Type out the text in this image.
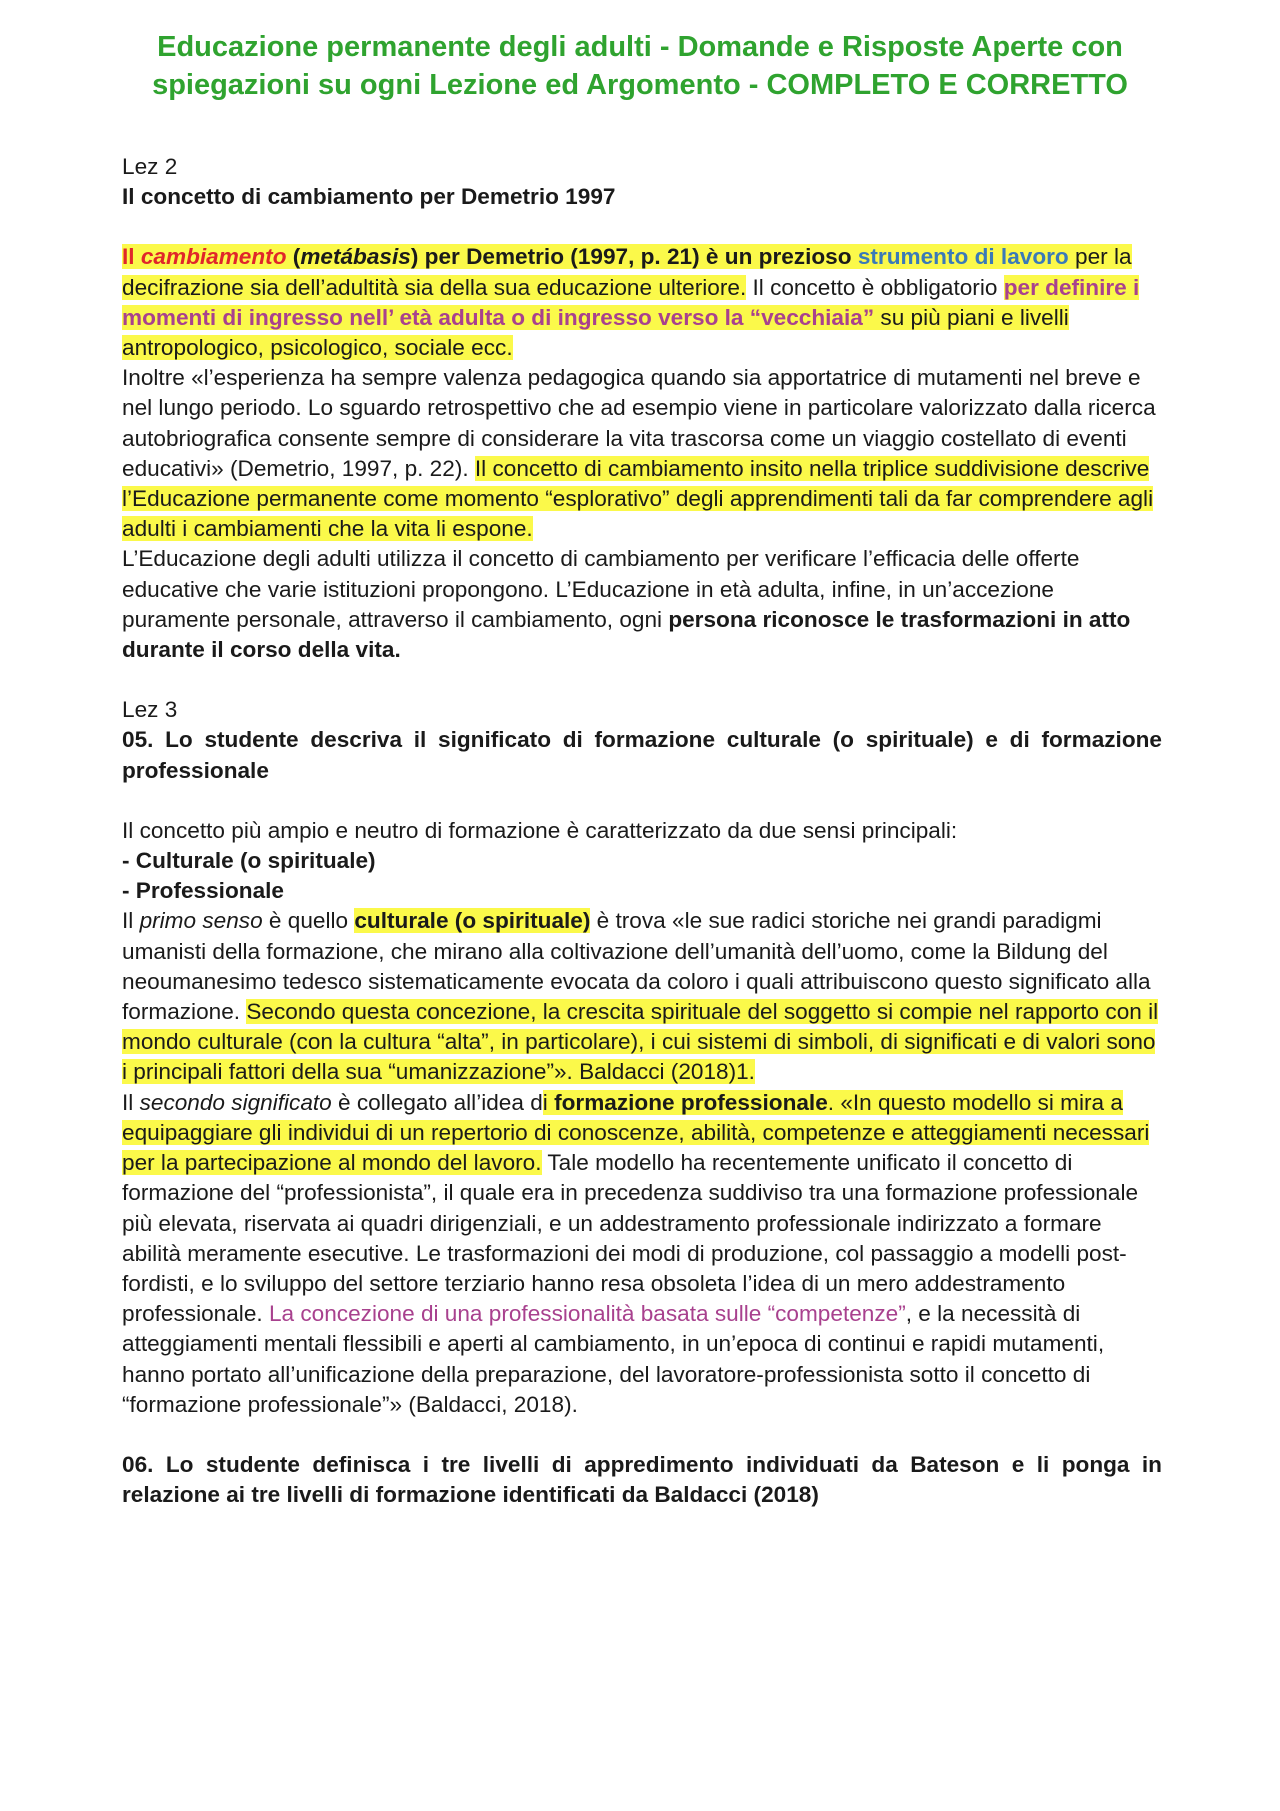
Educazione permanente degli adulti - Domande e Risposte Aperte con
spiegazioni su ogni Lezione ed Argomento - COMPLETO E CORRETTO

Lez 2

Il concetto di cambiamento per Demetrio 1997

Il cambiamento (metábasis) per Demetrio (1997, p. 21) è un prezioso strumento di lavoro per la decifrazione sia dell’adultità sia della sua educazione ulteriore. Il concetto è obbligatorio per definire i momenti di ingresso nell’ età adulta o di ingresso verso la “vecchiaia” su più piani e livelli antropologico, psicologico, sociale ecc.

Inoltre «l’esperienza ha sempre valenza pedagogica quando sia apportatrice di mutamenti nel breve e nel lungo periodo. Lo sguardo retrospettivo che ad esempio viene in particolare valorizzato dalla ricerca autobriografica consente sempre di considerare la vita trascorsa come un viaggio costellato di eventi educativi» (Demetrio, 1997, p. 22). Il concetto di cambiamento insito nella triplice suddivisione descrive l’Educazione permanente come momento “esplorativo” degli apprendimenti tali da far comprendere agli adulti i cambiamenti che la vita li espone.

L’Educazione degli adulti utilizza il concetto di cambiamento per verificare l’efficacia delle offerte educative che varie istituzioni propongono. L’Educazione in età adulta, infine, in un’accezione puramente personale, attraverso il cambiamento, ogni persona riconosce le trasformazioni in atto durante il corso della vita.

Lez 3

05. Lo studente descriva il significato di formazione culturale (o spirituale) e di formazione professionale

Il concetto più ampio e neutro di formazione è caratterizzato da due sensi principali:

- Culturale (o spirituale)

- Professionale

Il primo senso è quello culturale (o spirituale) è trova «le sue radici storiche nei grandi paradigmi umanisti della formazione, che mirano alla coltivazione dell’umanità dell’uomo, come la Bildung del neoumanesimo tedesco sistematicamente evocata da coloro i quali attribuiscono questo significato alla formazione. Secondo questa concezione, la crescita spirituale del soggetto si compie nel rapporto con il mondo culturale (con la cultura “alta”, in particolare), i cui sistemi di simboli, di significati e di valori sono i principali fattori della sua “umanizzazione”». Baldacci (2018)1.

Il secondo significato è collegato all’idea di formazione professionale. «In questo modello si mira a equipaggiare gli individui di un repertorio di conoscenze, abilità, competenze e atteggiamenti necessari per la partecipazione al mondo del lavoro. Tale modello ha recentemente unificato il concetto di formazione del “professionista”, il quale era in precedenza suddiviso tra una formazione professionale più elevata, riservata ai quadri dirigenziali, e un addestramento professionale indirizzato a formare abilità meramente esecutive. Le trasformazioni dei modi di produzione, col passaggio a modelli post-fordisti, e lo sviluppo del settore terziario hanno resa obsoleta l’idea di un mero addestramento professionale. La concezione di una professionalità basata sulle “competenze”, e la necessità di atteggiamenti mentali flessibili e aperti al cambiamento, in un’epoca di continui e rapidi mutamenti, hanno portato all’unificazione della preparazione, del lavoratore-professionista sotto il concetto di “formazione professionale”» (Baldacci, 2018).

06. Lo studente definisca i tre livelli di appredimento individuati da Bateson e li ponga in relazione ai tre livelli di formazione identificati da Baldacci (2018)
